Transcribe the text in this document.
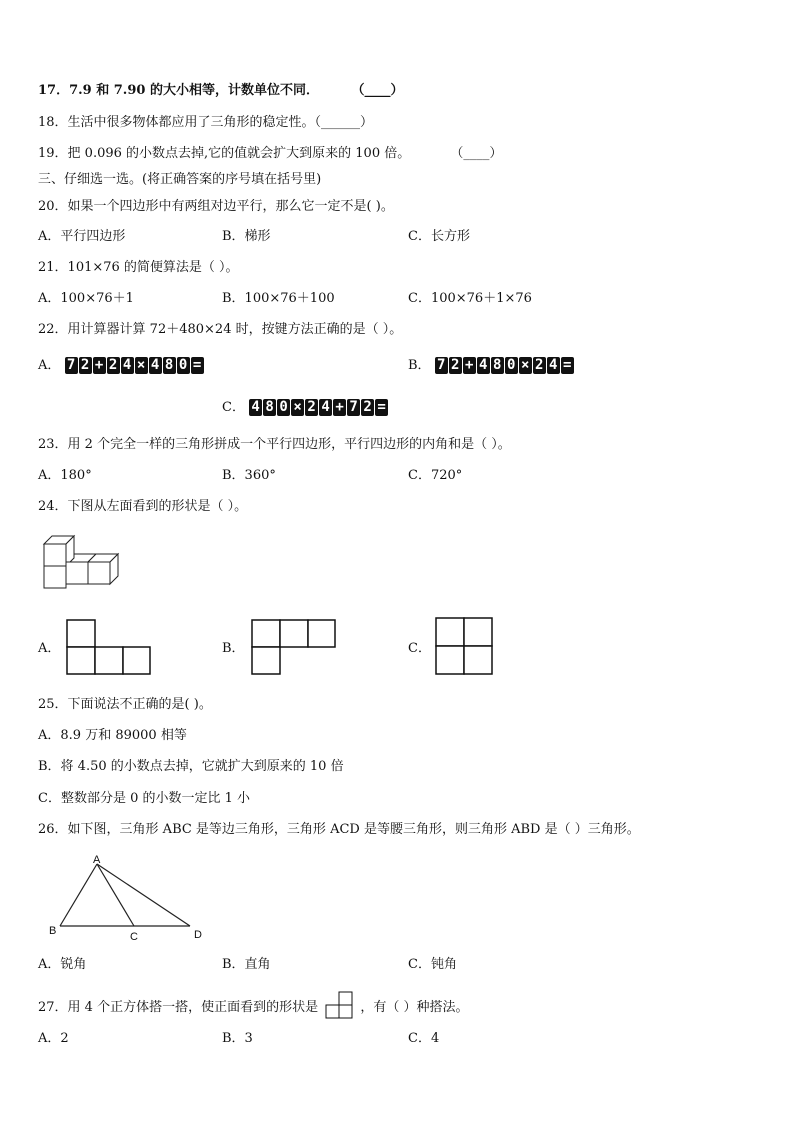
17．7.9 和 7.90 的大小相等，计数单位不同．	（____）
18．生活中很多物体都应用了三角形的稳定性。（______）
19．把 0.096 的小数点去掉,它的值就会扩大到原来的 100 倍。	（____）
三、仔细选一选。(将正确答案的序号填在括号里)
20．如果一个四边形中有两组对边平行，那么它一定不是( )。
A．平行四边形	B．梯形	C．长方形
21．101×76 的简便算法是（ ）。
A．100×76＋1	B．100×76＋100	C．100×76＋1×76
22．用计算器计算 72＋480×24 时，按键方法正确的是（ ）。
A． 7 2 + 2 4 × 4 8 0 =	B． 7 2 + 4 8 0 × 2 4 =
C． 4 8 0 × 2 4 + 7 2 =
23．用 2 个完全一样的三角形拼成一个平行四边形，平行四边形的内角和是（ ）。
A．180°	B．360°	C．720°
24．下图从左面看到的形状是（ ）。
A．	B．	C．
25．下面说法不正确的是( )。
A．8.9 万和 89000 相等
B．将 4.50 的小数点去掉，它就扩大到原来的 10 倍
C．整数部分是 0 的小数一定比 1 小
26．如下图，三角形 ABC 是等边三角形，三角形 ACD 是等腰三角形，则三角形 ABD 是（ ）三角形。
A
B	C	D
A．锐角	B．直角	C．钝角
27．用 4 个正方体搭一搭，使正面看到的形状是	，有（ ）种搭法。
A．2	B．3	C．4
